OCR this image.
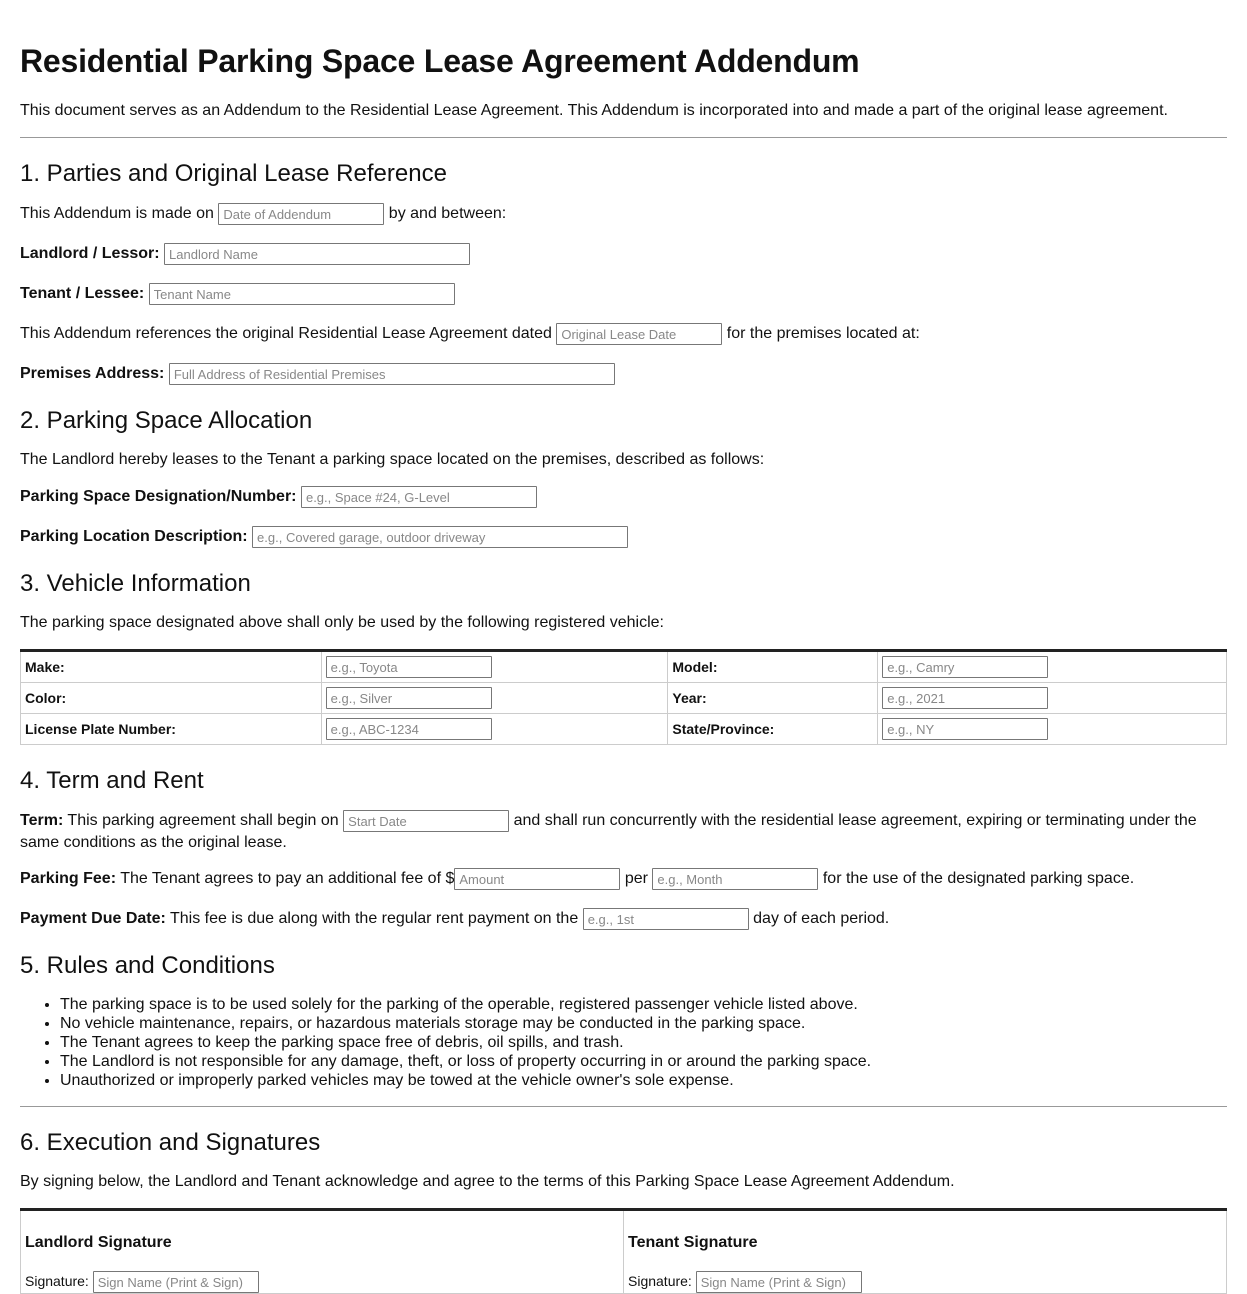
Residential Parking Space Lease Agreement Addendum
This document serves as an Addendum to the Residential Lease Agreement. This Addendum is incorporated into and made a part of the original lease agreement.
1. Parties and Original Lease Reference
This Addendum is made on Date of Addendum	by and between:
Landlord / Lessor: Landlord Name
Tenant / Lessee: Tenant Name
This Addendum references the original Residential Lease Agreement dated Original Lease Date	for the premises located at:
Premises Address: Full Address of Residential Premises
2. Parking Space Allocation
The Landlord hereby leases to the Tenant a parking space located on the premises, described as follows:
Parking Space Designation/Number: e.g., Space #24, G-Level
Parking Location Description: e.g., Covered garage, outdoor driveway
3. Vehicle Information
The parking space designated above shall only be used by the following registered vehicle:
Make:	e.g., Toyota	Model:	e.g., Camry
Color:	e.g., Silver	Year:	e.g., 2021
License Plate Number:	e.g., ABC-1234	State/Province:	e.g., NY
4. Term and Rent
Term: This parking agreement shall begin on Start Date	and shall run concurrently with the residential lease agreement, expiring or terminating under the same conditions as the original lease.
Parking Fee: The Tenant agrees to pay an additional fee of $Amount	per e.g., Month	for the use of the designated parking space.
Payment Due Date: This fee is due along with the regular rent payment on the e.g., 1st	day of each period.
5. Rules and Conditions
• The parking space is to be used solely for the parking of the operable, registered passenger vehicle listed above.
• No vehicle maintenance, repairs, or hazardous materials storage may be conducted in the parking space.
• The Tenant agrees to keep the parking space free of debris, oil spills, and trash.
• The Landlord is not responsible for any damage, theft, or loss of property occurring in or around the parking space.
• Unauthorized or improperly parked vehicles may be towed at the vehicle owner's sole expense.
6. Execution and Signatures
By signing below, the Landlord and Tenant acknowledge and agree to the terms of this Parking Space Lease Agreement Addendum.
Landlord Signature
Signature: Sign Name (Print & Sign)

Tenant Signature
Signature: Sign Name (Print & Sign)
